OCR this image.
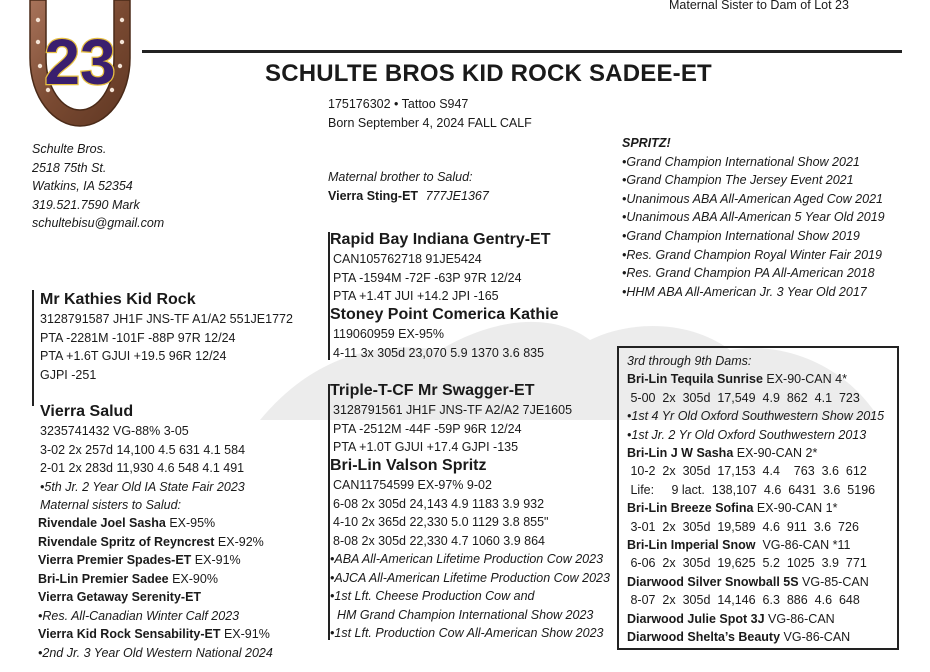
23
Maternal Sister to Dam of Lot 23
SCHULTE BROS KID ROCK SADEE-ET
175176302 • Tattoo S947
Born September 4, 2024 FALL CALF
Schulte Bros.
2518 75th St.
Watkins, IA 52354
319.521.7590 Mark
schultebisu@gmail.com
Maternal brother to Salud:
Vierra Sting-ET 777JE1367
Mr Kathies Kid Rock
3128791587 JH1F JNS-TF A1/A2 551JE1772
PTA -2281M -101F -88P 97R 12/24
PTA +1.6T GJUI +19.5 96R 12/24
GJPI -251
Vierra Salud
3235741432 VG-88% 3-05
3-02 2x 257d 14,100 4.5 631 4.1 584
2-01 2x 283d 11,930 4.6 548 4.1 491
•5th Jr. 2 Year Old IA State Fair 2023
Maternal sisters to Salud:
Rivendale Joel Sasha EX-95%
Rivendale Spritz of Reyncrest EX-92%
Vierra Premier Spades-ET EX-91%
Bri-Lin Premier Sadee EX-90%
Vierra Getaway Serenity-ET
•Res. All-Canadian Winter Calf 2023
Vierra Kid Rock Sensability-ET EX-91%
•2nd Jr. 3 Year Old Western National 2024
Rapid Bay Indiana Gentry-ET
CAN105762718 91JE5424
PTA -1594M -72F -63P 97R 12/24
PTA +1.4T JUI +14.2 JPI -165
Stoney Point Comerica Kathie
119060959 EX-95%
4-11 3x 305d 23,070 5.9 1370 3.6 835
Triple-T-CF Mr Swagger-ET
3128791561 JH1F JNS-TF A2/A2 7JE1605
PTA -2512M -44F -59P 96R 12/24
PTA +1.0T GJUI +17.4 GJPI -135
Bri-Lin Valson Spritz
CAN11754599 EX-97% 9-02
6-08 2x 305d 24,143 4.9 1183 3.9 932
4-10 2x 365d 22,330 5.0 1129 3.8 855"
8-08 2x 305d 22,330 4.7 1060 3.9 864
•ABA All-American Lifetime Production Cow 2023
•AJCA All-American Lifetime Production Cow 2023
•1st Lft. Cheese Production Cow and
HM Grand Champion International Show 2023
•1st Lft. Production Cow All-American Show 2023
SPRITZ!
•Grand Champion International Show 2021
•Grand Champion The Jersey Event 2021
•Unanimous ABA All-American Aged Cow 2021
•Unanimous ABA All-American 5 Year Old 2019
•Grand Champion International Show 2019
•Res. Grand Champion Royal Winter Fair 2019
•Res. Grand Champion PA All-American 2018
•HHM ABA All-American Jr. 3 Year Old 2017
3rd through 9th Dams:
Bri-Lin Tequila Sunrise EX-90-CAN 4*
5-00  2x  305d  17,549  4.9  862  4.1  723
•1st 4 Yr Old Oxford Southwestern Show 2015
•1st Jr. 2 Yr Old Oxford Southwestern 2013
Bri-Lin J W Sasha EX-90-CAN 2*
10-2  2x  305d  17,153  4.4    763  3.6  612
Life:     9 lact.  138,107  4.6  6431  3.6  5196
Bri-Lin Breeze Sofina EX-90-CAN 1*
3-01  2x  305d  19,589  4.6  911  3.6  726
Bri-Lin Imperial Snow  VG-86-CAN *11
6-06  2x  305d  19,625  5.2  1025  3.9  771
Diarwood Silver Snowball 5S VG-85-CAN
8-07  2x  305d  14,146  6.3  886  4.6  648
Diarwood Julie Spot 3J VG-86-CAN
Diarwood Shelta’s Beauty VG-86-CAN
